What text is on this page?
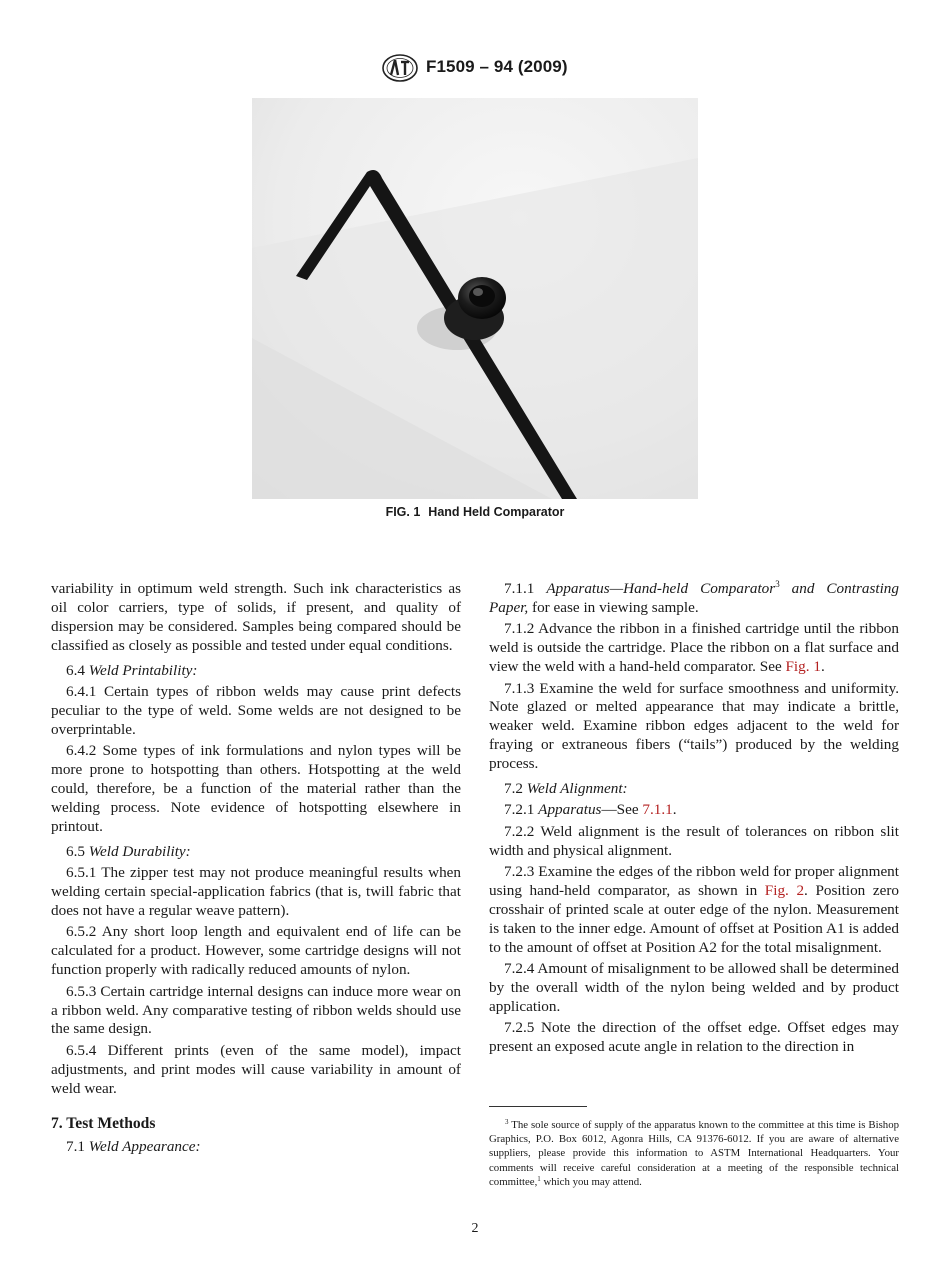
F1509 – 94 (2009)
FIG. 1 Hand Held Comparator

variability in optimum weld strength. Such ink characteristics as oil color carriers, type of solids, if present, and quality of dispersion may be considered. Samples being compared should be classified as closely as possible and tested under equal conditions.

6.4 Weld Printability:

6.4.1 Certain types of ribbon welds may cause print defects peculiar to the type of weld. Some welds are not designed to be overprintable.

6.4.2 Some types of ink formulations and nylon types will be more prone to hotspotting than others. Hotspotting at the weld could, therefore, be a function of the material rather than the welding process. Note evidence of hotspotting elsewhere in printout.

6.5 Weld Durability:

6.5.1 The zipper test may not produce meaningful results when welding certain special-application fabrics (that is, twill fabric that does not have a regular weave pattern).

6.5.2 Any short loop length and equivalent end of life can be calculated for a product. However, some cartridge designs will not function properly with radically reduced amounts of nylon.

6.5.3 Certain cartridge internal designs can induce more wear on a ribbon weld. Any comparative testing of ribbon welds should use the same design.

6.5.4 Different prints (even of the same model), impact adjustments, and print modes will cause variability in amount of weld wear.

7. Test Methods

7.1 Weld Appearance:

7.1.1 Apparatus—Hand-held Comparator$^3$ and Contrasting Paper, for ease in viewing sample.

7.1.2 Advance the ribbon in a finished cartridge until the ribbon weld is outside the cartridge. Place the ribbon on a flat surface and view the weld with a hand-held comparator. See Fig. 1.

7.1.3 Examine the weld for surface smoothness and uniformity. Note glazed or melted appearance that may indicate a brittle, weaker weld. Examine ribbon edges adjacent to the weld for fraying or extraneous fibers (“tails”) produced by the welding process.

7.2 Weld Alignment:

7.2.1 Apparatus—See 7.1.1.

7.2.2 Weld alignment is the result of tolerances on ribbon slit width and physical alignment.

7.2.3 Examine the edges of the ribbon weld for proper alignment using hand-held comparator, as shown in Fig. 2. Position zero crosshair of printed scale at outer edge of the nylon. Measurement is taken to the inner edge. Amount of offset at Position A1 is added to the amount of offset at Position A2 for the total misalignment.

7.2.4 Amount of misalignment to be allowed shall be determined by the overall width of the nylon being welded and by product application.

7.2.5 Note the direction of the offset edge. Offset edges may present an exposed acute angle in relation to the direction in

$^3$ The sole source of supply of the apparatus known to the committee at this time is Bishop Graphics, P.O. Box 6012, Agonra Hills, CA 91376-6012. If you are aware of alternative suppliers, please provide this information to ASTM International Headquarters. Your comments will receive careful consideration at a meeting of the responsible technical committee,$^1$ which you may attend.

2
